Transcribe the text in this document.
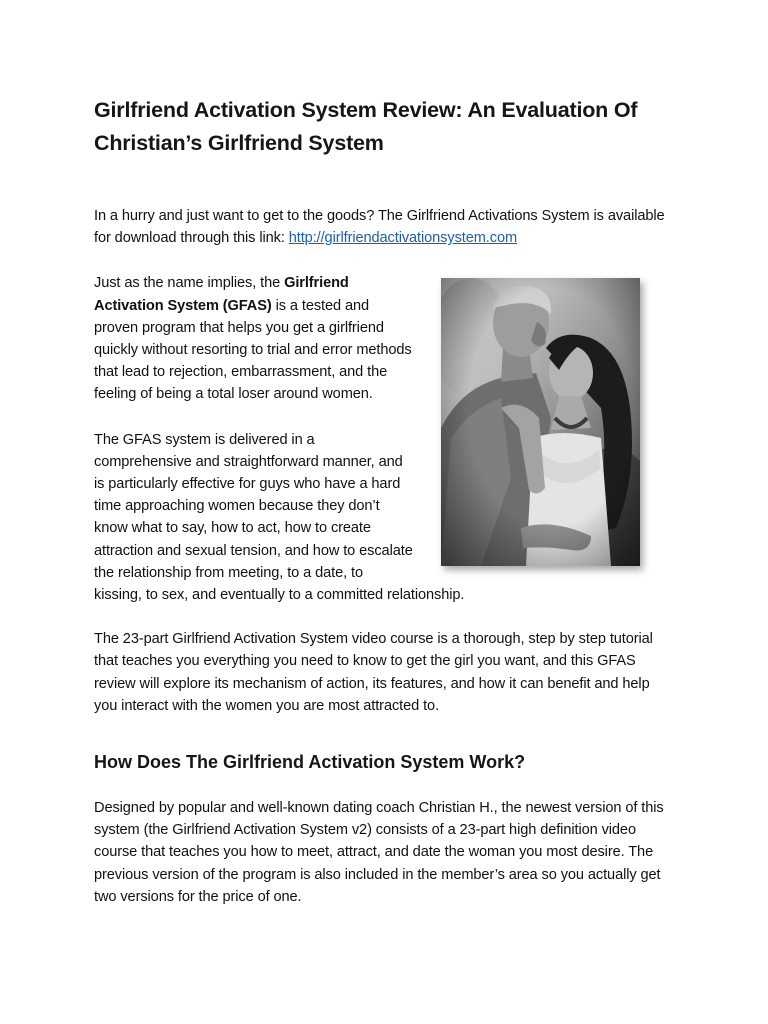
Girlfriend Activation System Review: An Evaluation Of Christian’s Girlfriend System

In a hurry and just want to get to the goods? The Girlfriend Activations System is available for download through this link: http://girlfriendactivationsystem.com

Just as the name implies, the Girlfriend Activation System (GFAS) is a tested and proven program that helps you get a girlfriend quickly without resorting to trial and error methods that lead to rejection, embarrassment, and the feeling of being a total loser around women.

The GFAS system is delivered in a comprehensive and straightforward manner, and is particularly effective for guys who have a hard time approaching women because they don’t know what to say, how to act, how to create attraction and sexual tension, and how to escalate the relationship from meeting, to a date, to kissing, to sex, and eventually to a committed relationship.

The 23-part Girlfriend Activation System video course is a thorough, step by step tutorial that teaches you everything you need to know to get the girl you want, and this GFAS review will explore its mechanism of action, its features, and how it can benefit and help you interact with the women you are most attracted to.

How Does The Girlfriend Activation System Work?

Designed by popular and well-known dating coach Christian H., the newest version of this system (the Girlfriend Activation System v2) consists of a 23-part high definition video course that teaches you how to meet, attract, and date the woman you most desire. The previous version of the program is also included in the member’s area so you actually get two versions for the price of one.
